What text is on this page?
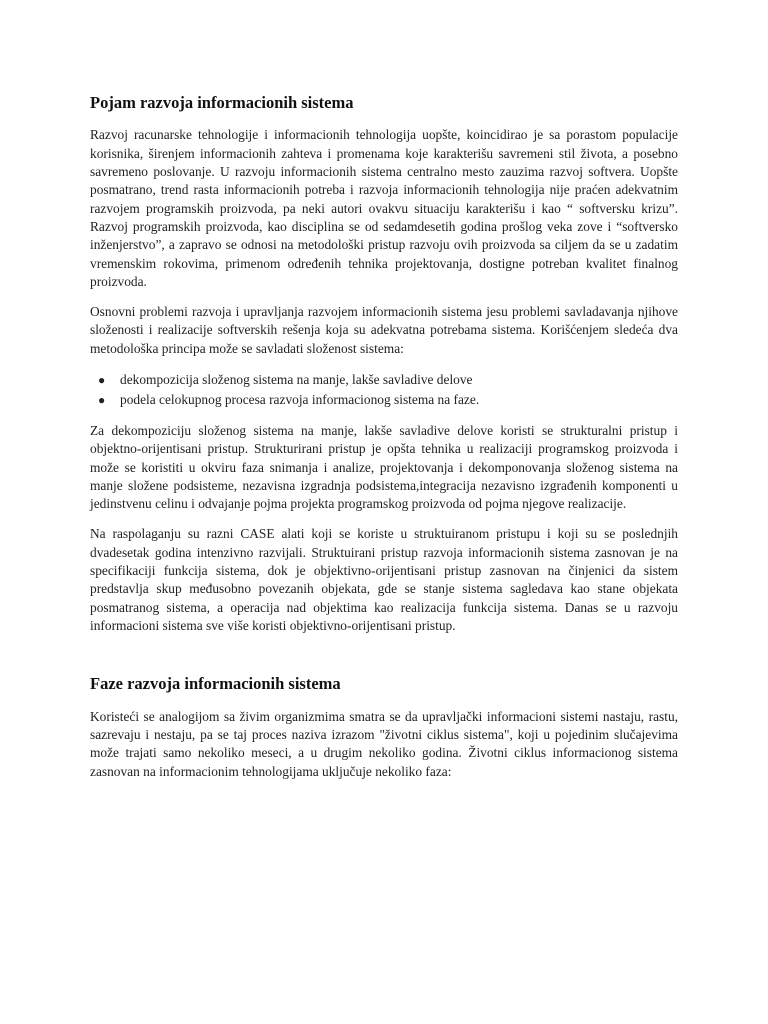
Pojam razvoja informacionih sistema

Razvoj racunarske tehnologije i informacionih tehnologija uopšte, koincidirao je sa porastom populacije korisnika, širenjem informacionih zahteva i promenama koje karakterišu savremeni stil života, a posebno savremeno poslovanje. U razvoju informacionih sistema centralno mesto zauzima razvoj softvera. Uopšte posmatrano, trend rasta informacionih potreba i razvoja informacionih tehnologija nije praćen adekvatnim razvojem programskih proizvoda, pa neki autori ovakvu situaciju karakterišu i kao “ softversku krizu”. Razvoj programskih proizvoda, kao disciplina se od sedamdesetih godina prošlog veka zove i “softversko inženjerstvo”, a zapravo se odnosi na metodološki pristup razvoju ovih proizvoda sa ciljem da se u zadatim vremenskim rokovima, primenom određenih tehnika projektovanja, dostigne potreban kvalitet finalnog proizvoda.

Osnovni problemi razvoja i upravljanja razvojem informacionih sistema jesu problemi savladavanja njihove složenosti i realizacije softverskih rešenja koja su adekvatna potrebama sistema. Korišćenjem sledeća dva metodološka principa može se savladati složenost sistema:

● dekompozicija složenog sistema na manje, lakše savladive delove
● podela celokupnog procesa razvoja informacionog sistema na faze.

Za dekompoziciju složenog sistema na manje, lakše savladive delove koristi se strukturalni pristup i objektno-orijentisani pristup. Strukturirani pristup je opšta tehnika u realizaciji programskog proizvoda i može se koristiti u okviru faza snimanja i analize, projektovanja i dekomponovanja složenog sistema na manje složene podsisteme, nezavisna izgradnja podsistema,integracija nezavisno izgrađenih komponenti u jedinstvenu celinu i odvajanje pojma projekta programskog proizvoda od pojma njegove realizacije.

Na raspolaganju su razni CASE alati koji se koriste u struktuiranom pristupu i koji su se poslednjih dvadesetak godina intenzivno razvijali. Struktuirani pristup razvoja informacionih sistema zasnovan je na specifikaciji funkcija sistema, dok je objektivno-orijentisani pristup zasnovan na činjenici da sistem predstavlja skup međusobno povezanih objekata, gde se stanje sistema sagledava kao stane objekata posmatranog sistema, a operacija nad objektima kao realizacija funkcija sistema. Danas se u razvoju informacioni sistema sve više koristi objektivno-orijentisani pristup.

Faze razvoja informacionih sistema

Koristeći se analogijom sa živim organizmima smatra se da upravljački informacioni sistemi nastaju, rastu, sazrevaju i nestaju, pa se taj proces naziva izrazom "životni ciklus sistema", koji u pojedinim slučajevima može trajati samo nekoliko meseci, a u drugim nekoliko godina. Životni ciklus informacionog sistema zasnovan na informacionim tehnologijama uključuje nekoliko faza:
